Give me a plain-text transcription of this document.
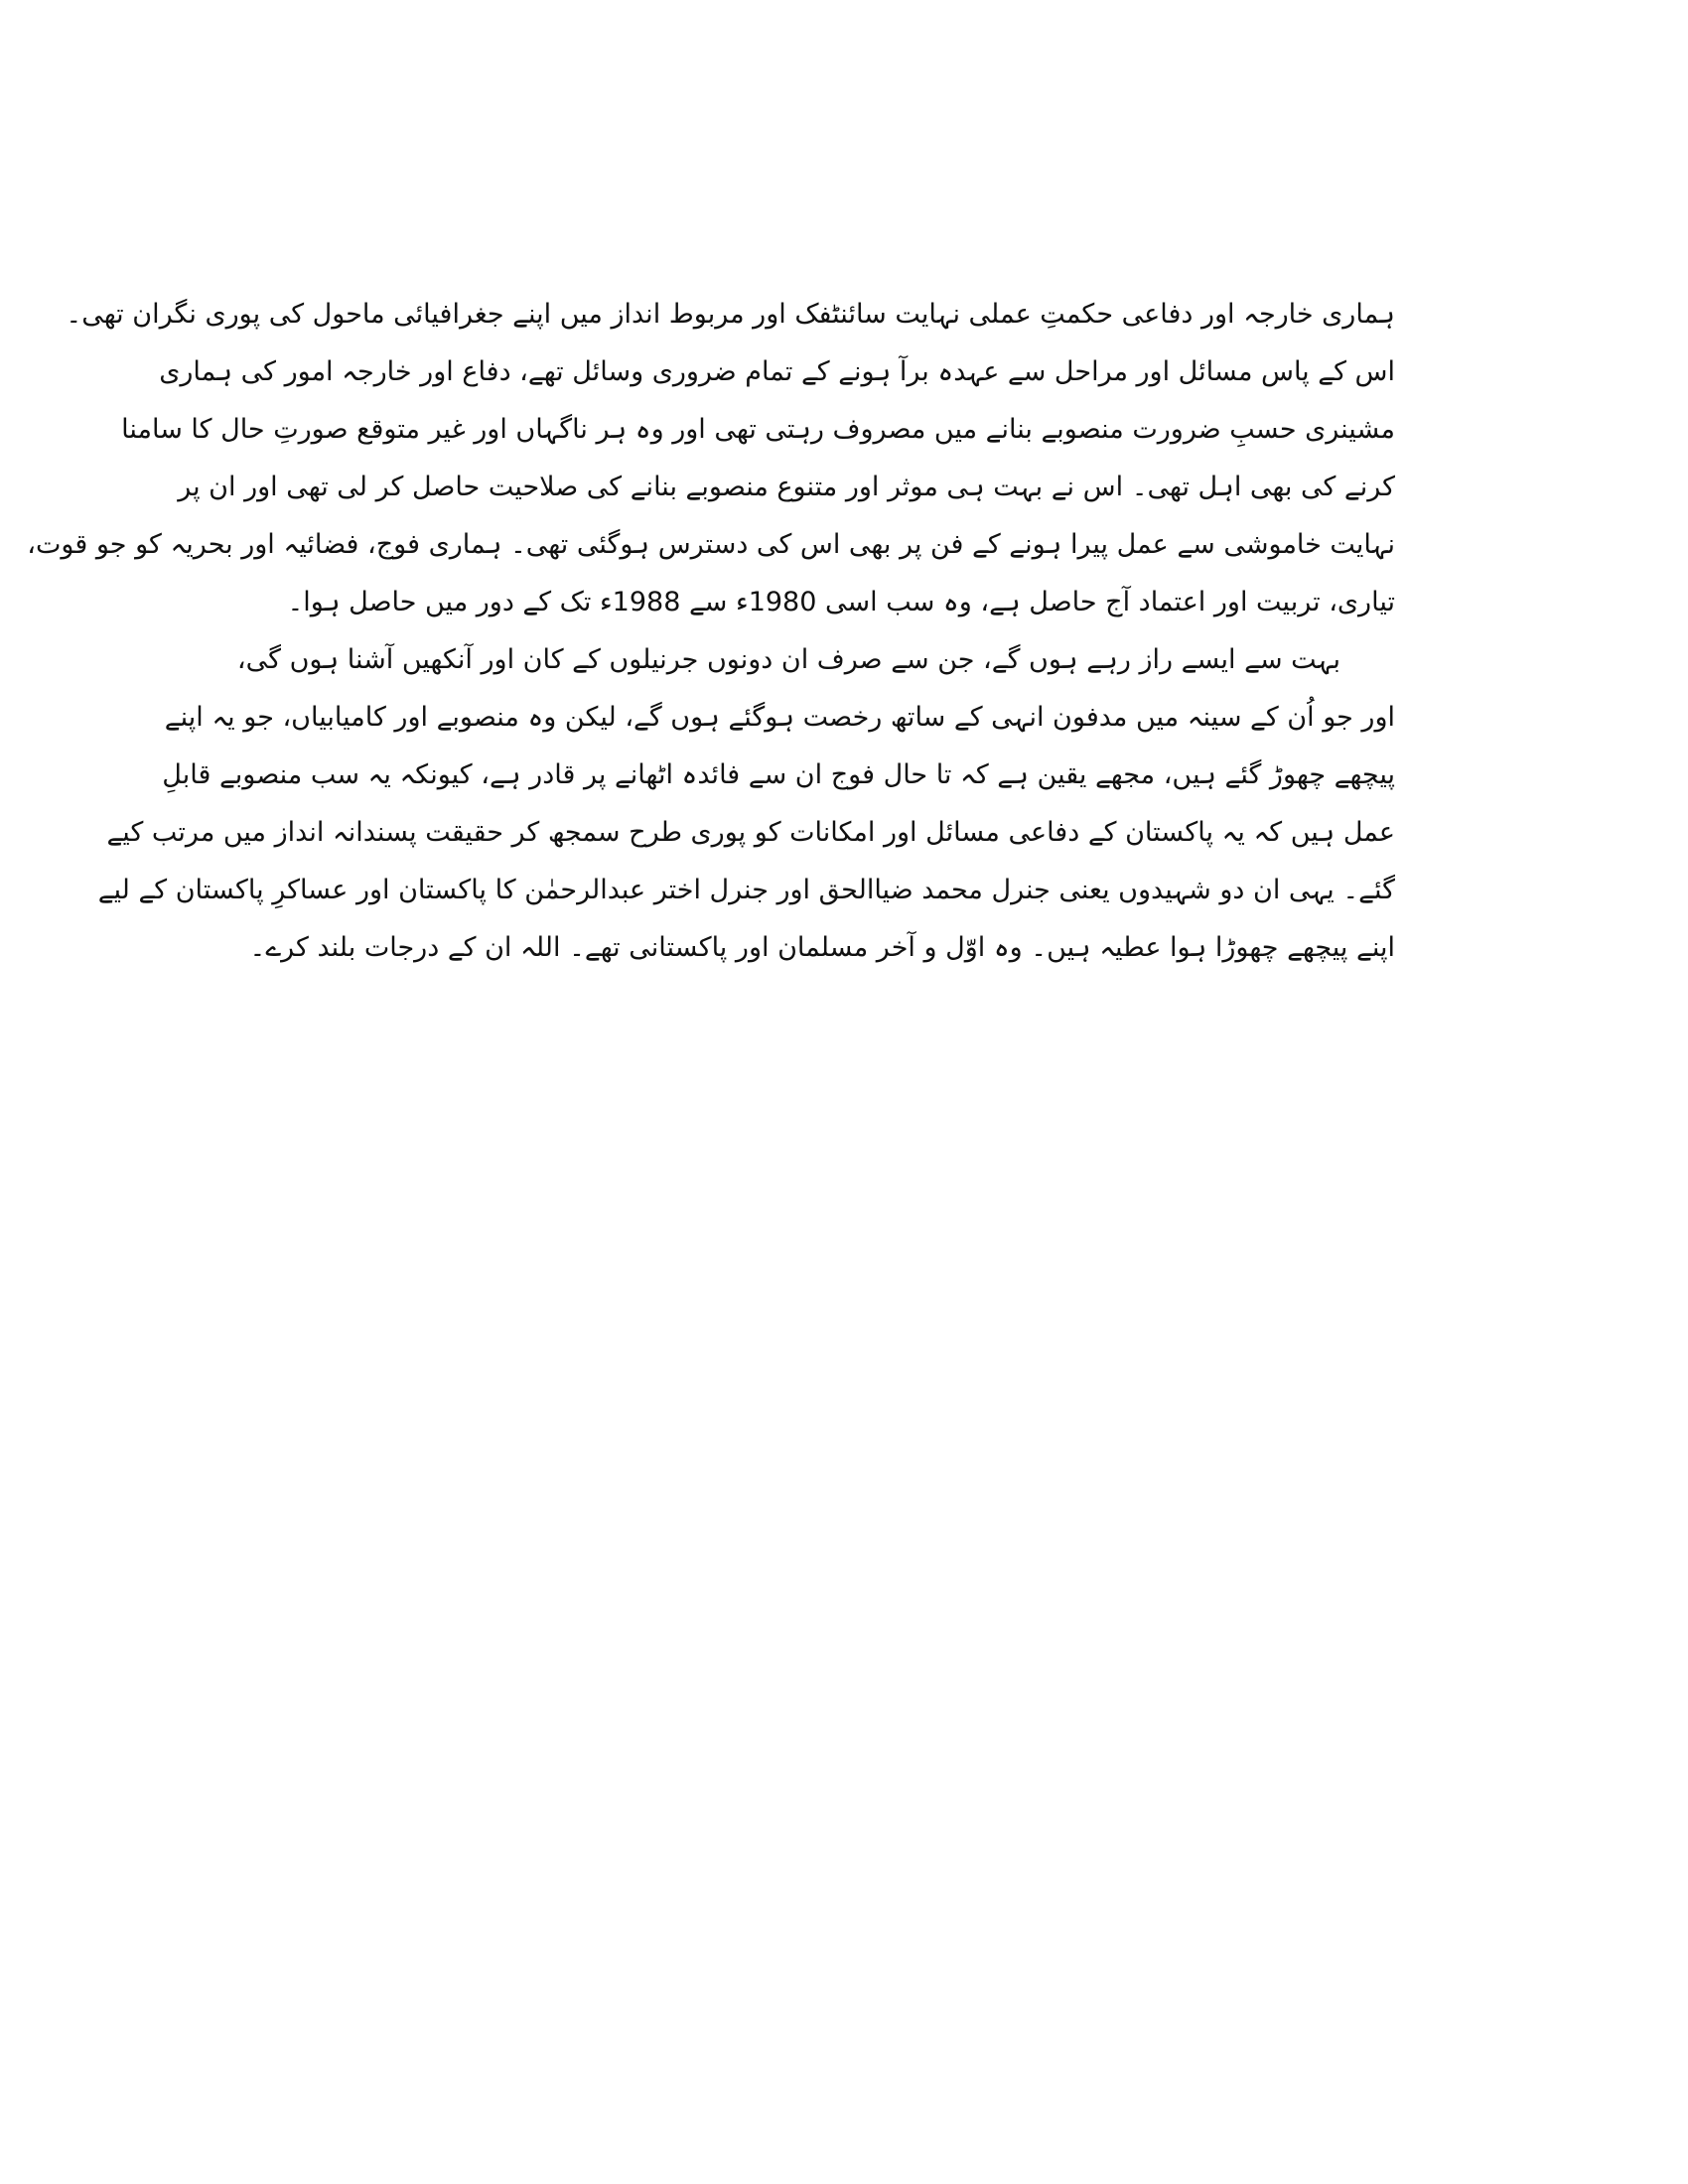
ہماری خارجہ اور دفاعی حکمتِ عملی نہایت سائنٹفک اور مربوط انداز میں اپنے جغرافیائی ماحول کی پوری نگران تھی۔
اس کے پاس مسائل اور مراحل سے عہدہ برآ ہونے کے تمام ضروری وسائل تھے، دفاع اور خارجہ امور کی ہماری
مشینری حسبِ ضرورت منصوبے بنانے میں مصروف رہتی تھی اور وہ ہر ناگہاں اور غیر متوقع صورتِ حال کا سامنا
کرنے کی بھی اہل تھی۔ اس نے بہت ہی موثر اور متنوع منصوبے بنانے کی صلاحیت حاصل کر لی تھی اور ان پر
نہایت خاموشی سے عمل پیرا ہونے کے فن پر بھی اس کی دسترس ہوگئی تھی۔ ہماری فوج، فضائیہ اور بحریہ کو جو قوت،
تیاری، تربیت اور اعتماد آج حاصل ہے، وہ سب اسی 1980ء سے 1988ء تک کے دور میں حاصل ہوا۔
بہت سے ایسے راز رہے ہوں گے، جن سے صرف ان دونوں جرنیلوں کے کان اور آنکھیں آشنا ہوں گی،
اور جو اُن کے سینہ میں مدفون انہی کے ساتھ رخصت ہوگئے ہوں گے، لیکن وہ منصوبے اور کامیابیاں، جو یہ اپنے
پیچھے چھوڑ گئے ہیں، مجھے یقین ہے کہ تا حال فوج ان سے فائدہ اٹھانے پر قادر ہے، کیونکہ یہ سب منصوبے قابلِ
عمل ہیں کہ یہ پاکستان کے دفاعی مسائل اور امکانات کو پوری طرح سمجھ کر حقیقت پسندانہ انداز میں مرتب کیے
گئے۔ یہی ان دو شہیدوں یعنی جنرل محمد ضیاالحق اور جنرل اختر عبدالرحمٰن کا پاکستان اور عساکرِ پاکستان کے لیے
اپنے پیچھے چھوڑا ہوا عطیہ ہیں۔ وہ اوّل و آخر مسلمان اور پاکستانی تھے۔ اللہ ان کے درجات بلند کرے۔
